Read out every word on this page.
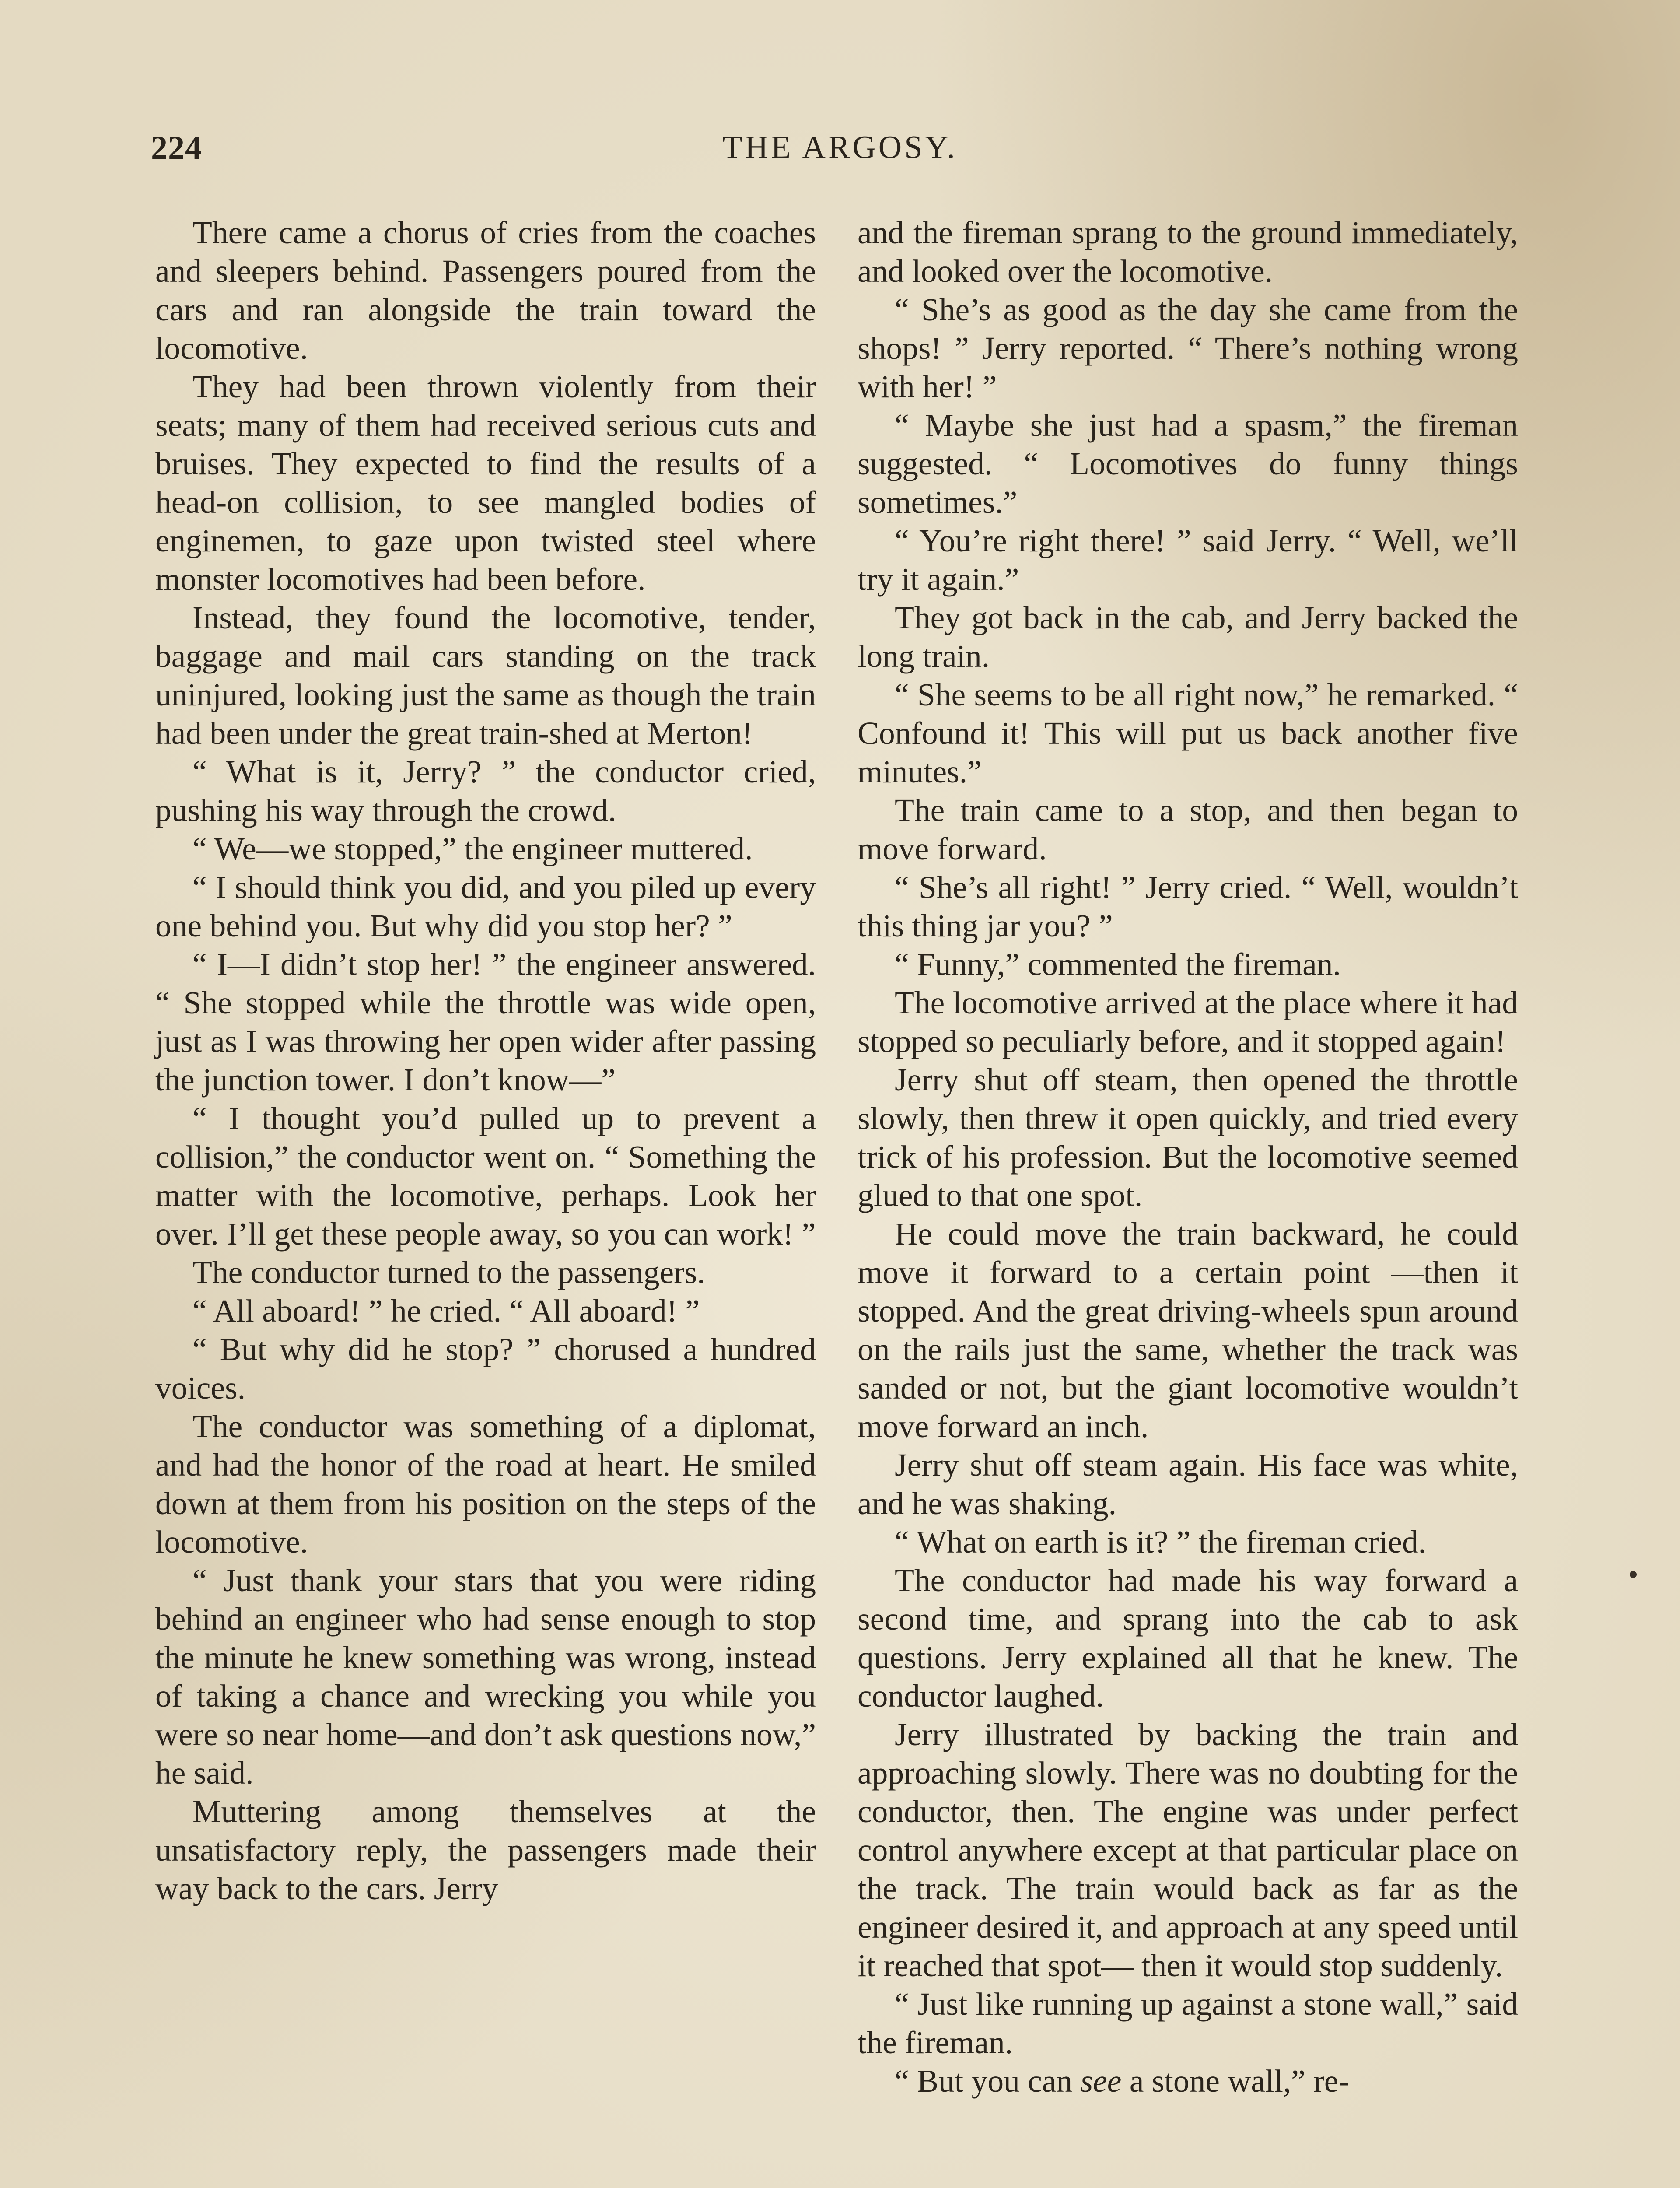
224	THE ARGOSY.

There came a chorus of cries from the coaches and sleepers behind. Passengers poured from the cars and ran alongside the train toward the locomotive.

They had been thrown violently from their seats; many of them had received serious cuts and bruises. They expected to find the results of a head-on collision, to see mangled bodies of enginemen, to gaze upon twisted steel where monster locomotives had been before.

Instead, they found the locomotive, tender, baggage and mail cars standing on the track uninjured, looking just the same as though the train had been under the great train-shed at Merton!

“ What is it, Jerry? ” the conductor cried, pushing his way through the crowd.

“ We—we stopped,” the engineer muttered.

“ I should think you did, and you piled up every one behind you. But why did you stop her? ”

“ I—I didn’t stop her! ” the engineer answered. “ She stopped while the throttle was wide open, just as I was throwing her open wider after passing the junction tower. I don’t know—”

“ I thought you’d pulled up to prevent a collision,” the conductor went on. “ Something the matter with the locomotive, perhaps. Look her over. I’ll get these people away, so you can work! ”

The conductor turned to the passengers.

“ All aboard! ” he cried. “ All aboard! ”

“ But why did he stop? ” chorused a hundred voices.

The conductor was something of a diplomat, and had the honor of the road at heart. He smiled down at them from his position on the steps of the locomotive.

“ Just thank your stars that you were riding behind an engineer who had sense enough to stop the minute he knew something was wrong, instead of taking a chance and wrecking you while you were so near home—and don’t ask questions now,” he said.

Muttering among themselves at the unsatisfactory reply, the passengers made their way back to the cars. Jerry

and the fireman sprang to the ground immediately, and looked over the locomotive.

“ She’s as good as the day she came from the shops! ” Jerry reported. “ There’s nothing wrong with her! ”

“ Maybe she just had a spasm,” the fireman suggested. “ Locomotives do funny things sometimes.”

“ You’re right there! ” said Jerry. “ Well, we’ll try it again.”

They got back in the cab, and Jerry backed the long train.

“ She seems to be all right now,” he remarked. “ Confound it! This will put us back another five minutes.”

The train came to a stop, and then began to move forward.

“ She’s all right! ” Jerry cried. “ Well, wouldn’t this thing jar you? ”

“ Funny,” commented the fireman.

The locomotive arrived at the place where it had stopped so peculiarly before, and it stopped again!

Jerry shut off steam, then opened the throttle slowly, then threw it open quickly, and tried every trick of his profession. But the locomotive seemed glued to that one spot.

He could move the train backward, he could move it forward to a certain point —then it stopped. And the great driving-wheels spun around on the rails just the same, whether the track was sanded or not, but the giant locomotive wouldn’t move forward an inch.

Jerry shut off steam again. His face was white, and he was shaking.

“ What on earth is it? ” the fireman cried.

The conductor had made his way forward a second time, and sprang into the cab to ask questions. Jerry explained all that he knew. The conductor laughed.

Jerry illustrated by backing the train and approaching slowly. There was no doubting for the conductor, then. The engine was under perfect control anywhere except at that particular place on the track. The train would back as far as the engineer desired it, and approach at any speed until it reached that spot— then it would stop suddenly.

“ Just like running up against a stone wall,” said the fireman.

“ But you can see a stone wall,” re-
